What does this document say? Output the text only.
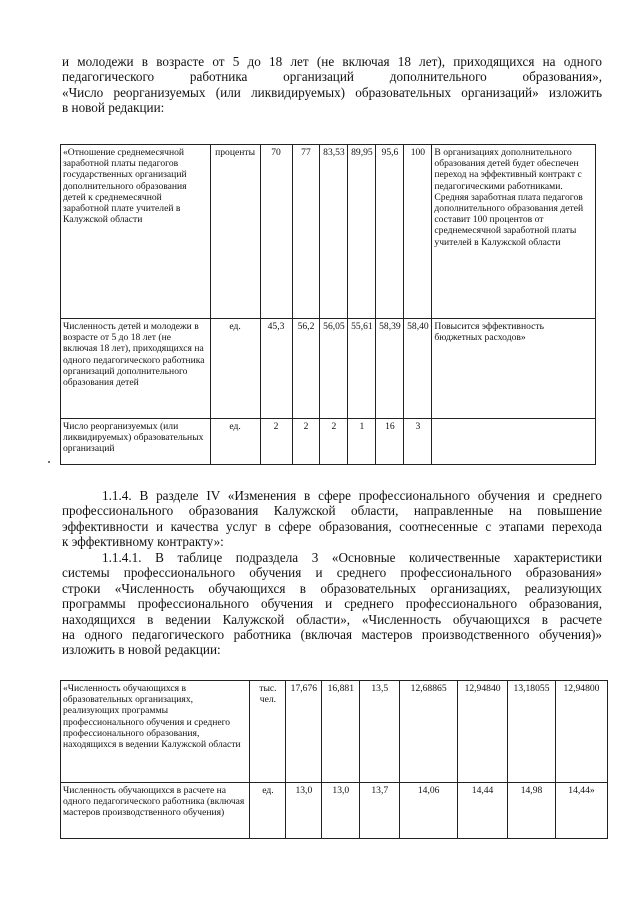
и молодежи в возрасте от 5 до 18 лет (не включая 18 лет), приходящихся на одного
педагогического работника организаций дополнительного образования»,
«Число реорганизуемых (или ликвидируемых) образовательных организаций» изложить
в новой редакции:
«Отношение среднемесячной заработной платы педагогов государственных организаций дополнительного образования детей к среднемесячной заработной плате учителей в Калужской области	проценты	70	77	83,53	89,95	95,6	100	В организациях дополнительного образования детей будет обеспечен переход на эффективный контракт с педагогическими работниками. Средняя заработная плата педагогов дополнительного образования детей составит 100 процентов от среднемесячной заработной платы учителей в Калужской области
Численность детей и молодежи в возрасте от 5 до 18 лет (не включая 18 лет), приходящихся на одного педагогического работника организаций дополнительного образования детей	ед.	45,3	56,2	56,05	55,61	58,39	58,40	Повысится эффективность бюджетных расходов»
Число реорганизуемых (или ликвидируемых) образовательных организаций	ед.	2	2	2	1	16	3	
1.1.4. В разделе IV «Изменения в сфере профессионального обучения и среднего
профессионального образования Калужской области, направленные на повышение
эффективности и качества услуг в сфере образования, соотнесенные с этапами перехода
к эффективному контракту»:
1.1.4.1. В таблице подраздела 3 «Основные количественные характеристики
системы профессионального обучения и среднего профессионального образования»
строки «Численность обучающихся в образовательных организациях, реализующих
программы профессионального обучения и среднего профессионального образования,
находящихся в ведении Калужской области», «Численность обучающихся в расчете
на одного педагогического работника (включая мастеров производственного обучения)»
изложить в новой редакции:
«Численность обучающихся в образовательных организациях, реализующих программы профессионального обучения и среднего профессионального образования, находящихся в ведении Калужской области	тыс. чел.	17,676	16,881	13,5	12,68865	12,94840	13,18055	12,94800
Численность обучающихся в расчете на одного педагогического работника (включая мастеров производственного обучения)	ед.	13,0	13,0	13,7	14,06	14,44	14,98	14,44»
